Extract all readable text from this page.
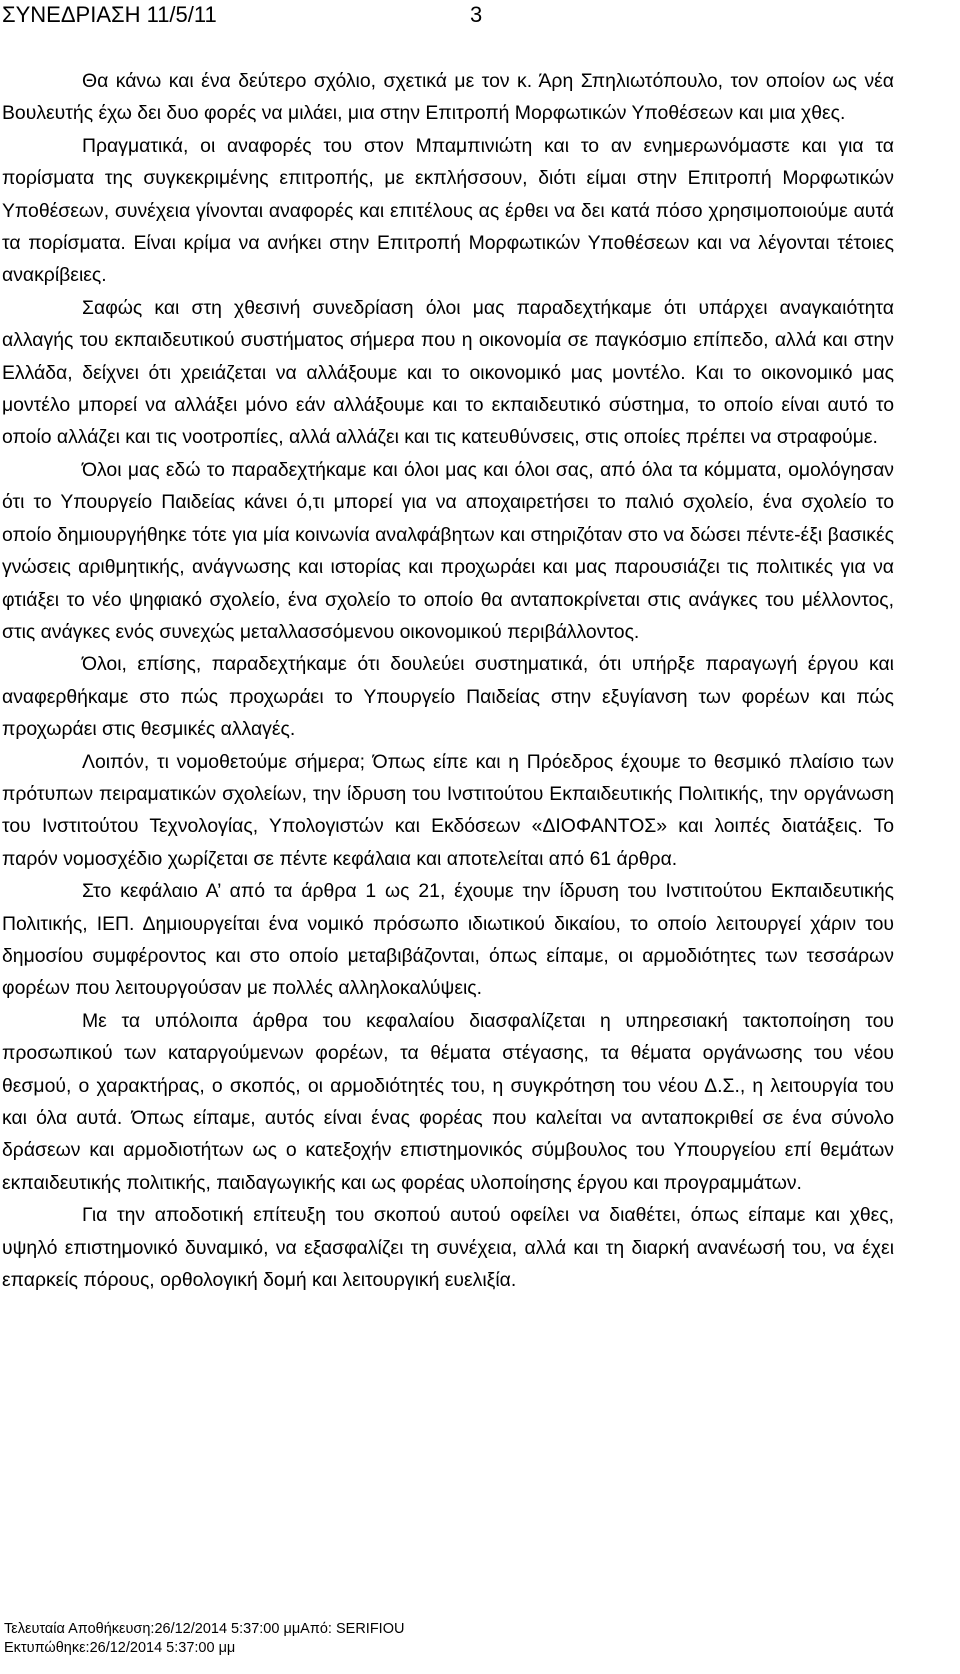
ΣΥΝΕΔΡΙΑΣΗ 11/5/11	3

Θα κάνω και ένα δεύτερο σχόλιο, σχετικά με τον κ. Άρη Σπηλιωτόπουλο, τον οποίον ως νέα Βουλευτής έχω δει δυο φορές να μιλάει, μια στην Επιτροπή Μορφωτικών Υποθέσεων και μια χθες.

Πραγματικά, οι αναφορές του στον Μπαμπινιώτη και το αν ενημερωνόμαστε και για τα πορίσματα της συγκεκριμένης επιτροπής, με εκπλήσσουν, διότι είμαι στην Επιτροπή Μορφωτικών Υποθέσεων, συνέχεια γίνονται αναφορές και επιτέλους ας έρθει να δει κατά πόσο χρησιμοποιούμε αυτά τα πορίσματα. Είναι κρίμα να ανήκει στην Επιτροπή Μορφωτικών Υποθέσεων και να λέγονται τέτοιες ανακρίβειες.

Σαφώς και στη χθεσινή συνεδρίαση όλοι μας παραδεχτήκαμε ότι υπάρχει αναγκαιότητα αλλαγής του εκπαιδευτικού συστήματος σήμερα που η οικονομία σε παγκόσμιο επίπεδο, αλλά και στην Ελλάδα, δείχνει ότι χρειάζεται να αλλάξουμε και το οικονομικό μας μοντέλο. Και το οικονομικό μας μοντέλο μπορεί να αλλάξει μόνο εάν αλλάξουμε και το εκπαιδευτικό σύστημα, το οποίο είναι αυτό το οποίο αλλάζει και τις νοοτροπίες, αλλά αλλάζει και τις κατευθύνσεις, στις οποίες πρέπει να στραφούμε.

Όλοι μας εδώ το παραδεχτήκαμε και όλοι μας και όλοι σας, από όλα τα κόμματα, ομολόγησαν ότι το Υπουργείο Παιδείας κάνει ό,τι μπορεί για να αποχαιρετήσει το παλιό σχολείο, ένα σχολείο το οποίο δημιουργήθηκε τότε για μία κοινωνία αναλφάβητων και στηριζόταν στο να δώσει πέντε-έξι βασικές γνώσεις αριθμητικής, ανάγνωσης και ιστορίας και προχωράει και μας παρουσιάζει τις πολιτικές για να φτιάξει το νέο ψηφιακό σχολείο, ένα σχολείο το οποίο θα ανταποκρίνεται στις ανάγκες του μέλλοντος, στις ανάγκες ενός συνεχώς μεταλλασσόμενου οικονομικού περιβάλλοντος.

Όλοι, επίσης, παραδεχτήκαμε ότι δουλεύει συστηματικά, ότι υπήρξε παραγωγή έργου και αναφερθήκαμε στο πώς προχωράει το Υπουργείο Παιδείας στην εξυγίανση των φορέων και πώς προχωράει στις θεσμικές αλλαγές.

Λοιπόν, τι νομοθετούμε σήμερα; Όπως είπε και η Πρόεδρος έχουμε το θεσμικό πλαίσιο των πρότυπων πειραματικών σχολείων, την ίδρυση του Ινστιτούτου Εκπαιδευτικής Πολιτικής, την οργάνωση του Ινστιτούτου Τεχνολογίας, Υπολογιστών και Εκδόσεων «ΔΙΟΦΑΝΤΟΣ» και λοιπές διατάξεις. Το παρόν νομοσχέδιο χωρίζεται σε πέντε κεφάλαια και αποτελείται από 61 άρθρα.

Στο κεφάλαιο Α’ από τα άρθρα 1 ως 21, έχουμε την ίδρυση του Ινστιτούτου Εκπαιδευτικής Πολιτικής, ΙΕΠ. Δημιουργείται ένα νομικό πρόσωπο ιδιωτικού δικαίου, το οποίο λειτουργεί χάριν του δημοσίου συμφέροντος και στο οποίο μεταβιβάζονται, όπως είπαμε, οι αρμοδιότητες των τεσσάρων φορέων που λειτουργούσαν με πολλές αλληλοκαλύψεις.

Με τα υπόλοιπα άρθρα του κεφαλαίου διασφαλίζεται η υπηρεσιακή τακτοποίηση του προσωπικού των καταργούμενων φορέων, τα θέματα στέγασης, τα θέματα οργάνωσης του νέου θεσμού, ο χαρακτήρας, ο σκοπός, οι αρμοδιότητές του, η συγκρότηση του νέου Δ.Σ., η λειτουργία του και όλα αυτά. Όπως είπαμε, αυτός είναι ένας φορέας που καλείται να ανταποκριθεί σε ένα σύνολο δράσεων και αρμοδιοτήτων ως ο κατεξοχήν επιστημονικός σύμβουλος του Υπουργείου επί θεμάτων εκπαιδευτικής πολιτικής, παιδαγωγικής και ως φορέας υλοποίησης έργου και προγραμμάτων.

Για την αποδοτική επίτευξη του σκοπού αυτού οφείλει να διαθέτει, όπως είπαμε και χθες, υψηλό επιστημονικό δυναμικό, να εξασφαλίζει τη συνέχεια, αλλά και τη διαρκή ανανέωσή του, να έχει επαρκείς πόρους, ορθολογική δομή και λειτουργική ευελιξία.

Τελευταία Αποθήκευση:26/12/2014 5:37:00 μμΑπό: SERIFIOU
Εκτυπώθηκε:26/12/2014 5:37:00 μμ
